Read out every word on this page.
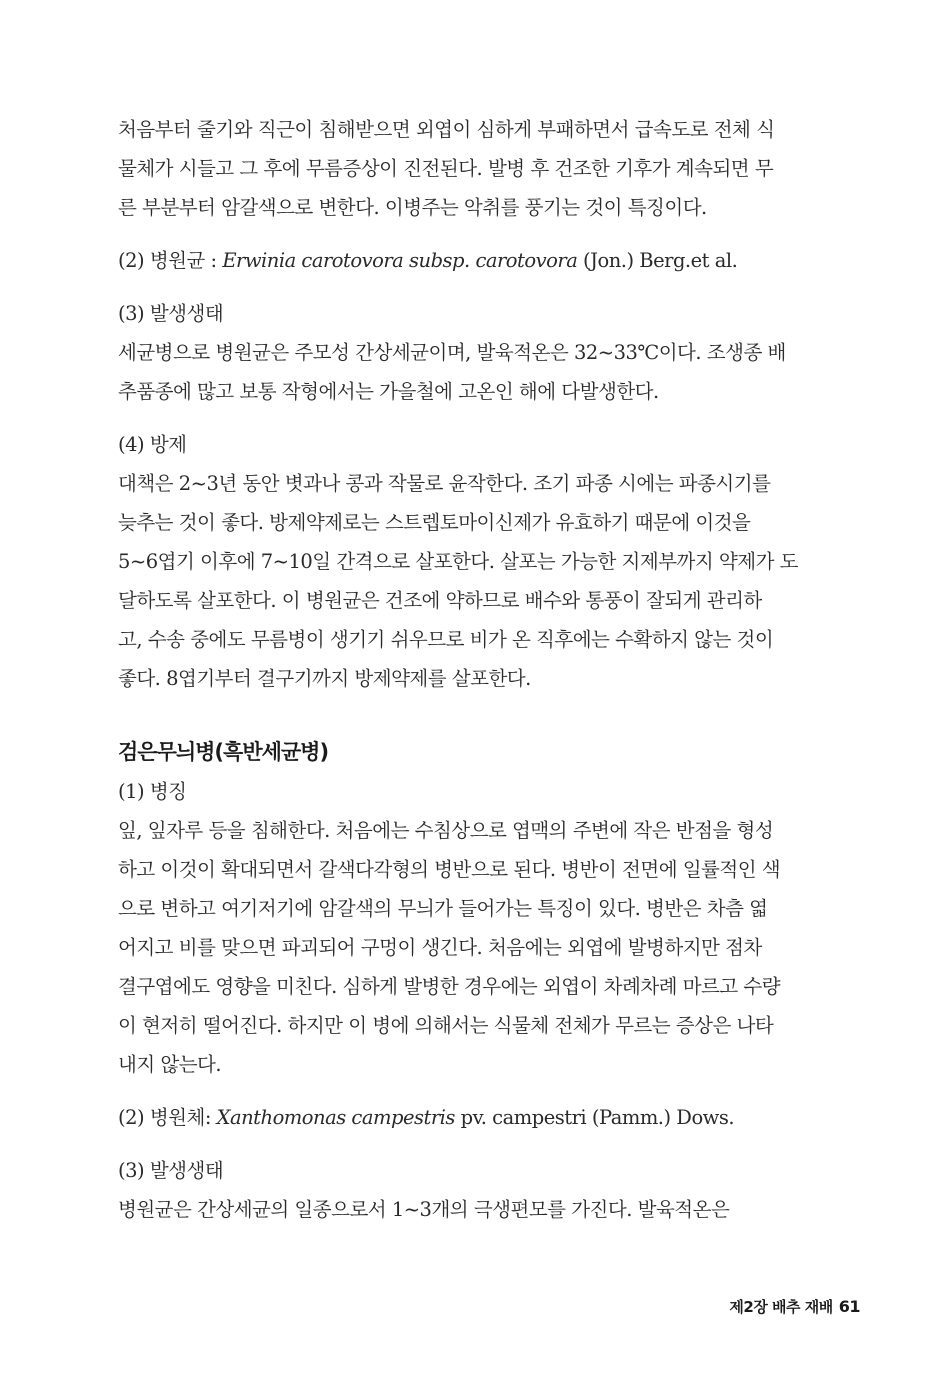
처음부터 줄기와 직근이 침해받으면 외엽이 심하게 부패하면서 급속도로 전체 식
물체가 시들고 그 후에 무름증상이 진전된다. 발병 후 건조한 기후가 계속되면 무
른 부분부터 암갈색으로 변한다. 이병주는 악취를 풍기는 것이 특징이다.

(2) 병원균 : Erwinia carotovora subsp. carotovora (Jon.) Berg.et al.

(3) 발생생태

세균병으로 병원균은 주모성 간상세균이며, 발육적온은 32~33℃이다. 조생종 배
추품종에 많고 보통 작형에서는 가을철에 고온인 해에 다발생한다.

(4) 방제

대책은 2~3년 동안 볏과나 콩과 작물로 윤작한다. 조기 파종 시에는 파종시기를
늦추는 것이 좋다. 방제약제로는 스트렙토마이신제가 유효하기 때문에 이것을
5~6엽기 이후에 7~10일 간격으로 살포한다. 살포는 가능한 지제부까지 약제가 도
달하도록 살포한다. 이 병원균은 건조에 약하므로 배수와 통풍이 잘되게 관리하
고, 수송 중에도 무름병이 생기기 쉬우므로 비가 온 직후에는 수확하지 않는 것이
좋다. 8엽기부터 결구기까지 방제약제를 살포한다.

검은무늬병(흑반세균병)

(1) 병징

잎, 잎자루 등을 침해한다. 처음에는 수침상으로 엽맥의 주변에 작은 반점을 형성
하고 이것이 확대되면서 갈색다각형의 병반으로 된다. 병반이 전면에 일률적인 색
으로 변하고 여기저기에 암갈색의 무늬가 들어가는 특징이 있다. 병반은 차츰 엷
어지고 비를 맞으면 파괴되어 구멍이 생긴다. 처음에는 외엽에 발병하지만 점차
결구엽에도 영향을 미친다. 심하게 발병한 경우에는 외엽이 차례차례 마르고 수량
이 현저히 떨어진다. 하지만 이 병에 의해서는 식물체 전체가 무르는 증상은 나타
내지 않는다.

(2) 병원체: Xanthomonas campestris pv. campestri (Pamm.) Dows.

(3) 발생생태

병원균은 간상세균의 일종으로서 1~3개의 극생편모를 가진다. 발육적온은

제2장 배추 재배 61
